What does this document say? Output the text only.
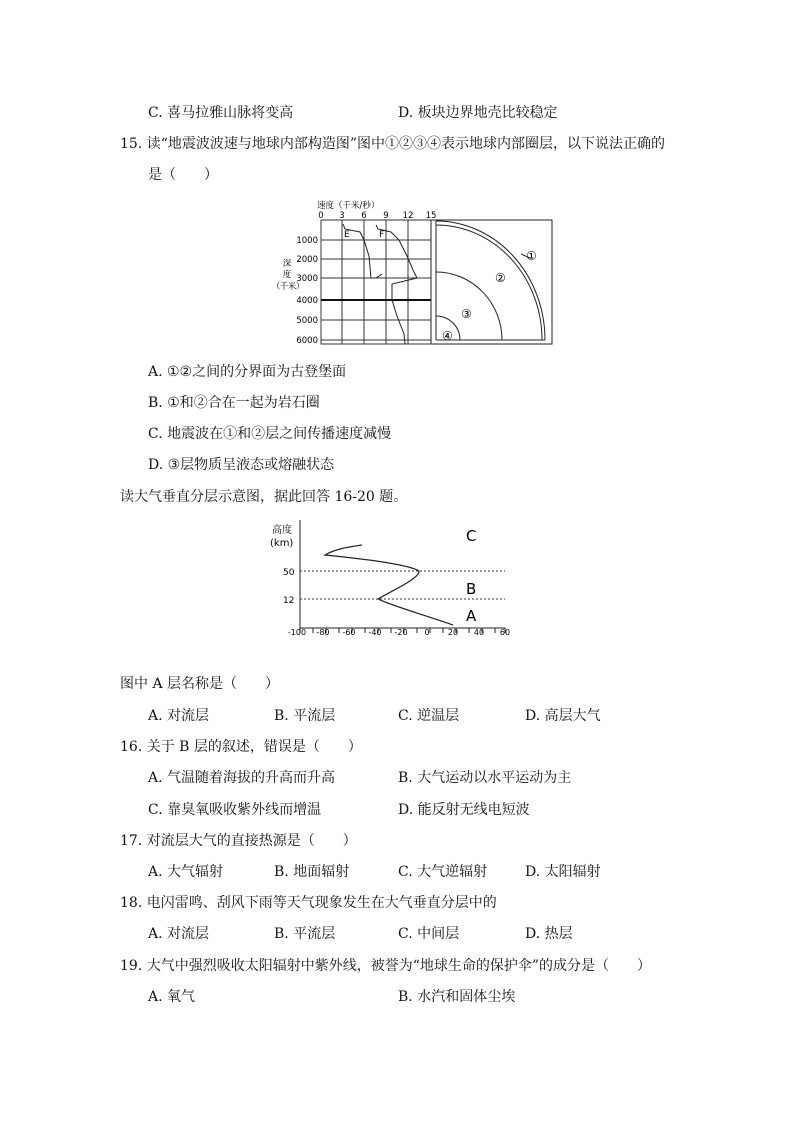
C. 喜马拉雅山脉将变高	D. 板块边界地壳比较稳定
15. 读“地震波波速与地球内部构造图”图中①②③④表示地球内部圈层，以下说法正确的
是（　　）
E	F
速度（千米/秒）
0 3 6 9 12 15
1000
2000
3000
4000
5000
6000
深
度
（ 千 米 ）
①
②
③
④
A. ①②之间的分界面为古登堡面
B. ①和②合在一起为岩石圈
C. 地震波在①和②层之间传播速度减慢
D. ③层物质呈液态或熔融状态
读大气垂直分层示意图，据此回答 16-20 题。
高度
(km)
-100 -80 -60 -40 -20 0 20 40 60
50
12
C
B
A
图中 A 层名称是（　　）
A. 对流层	B. 平流层	C. 逆温层	D. 高层大气
16. 关于 B 层的叙述，错误是（　　）
A. 气温随着海拔的升高而升高	B. 大气运动以水平运动为主
C. 靠臭氧吸收紫外线而增温	D. 能反射无线电短波
17. 对流层大气的直接热源是（　　）
A. 大气辐射	B. 地面辐射	C. 大气逆辐射	D. 太阳辐射
18. 电闪雷鸣、刮风下雨等天气现象发生在大气垂直分层中的
A. 对流层	B. 平流层	C. 中间层	D. 热层
19. 大气中强烈吸收太阳辐射中紫外线，被誉为“地球生命的保护伞”的成分是（　　）
A. 氧气	B. 水汽和固体尘埃
